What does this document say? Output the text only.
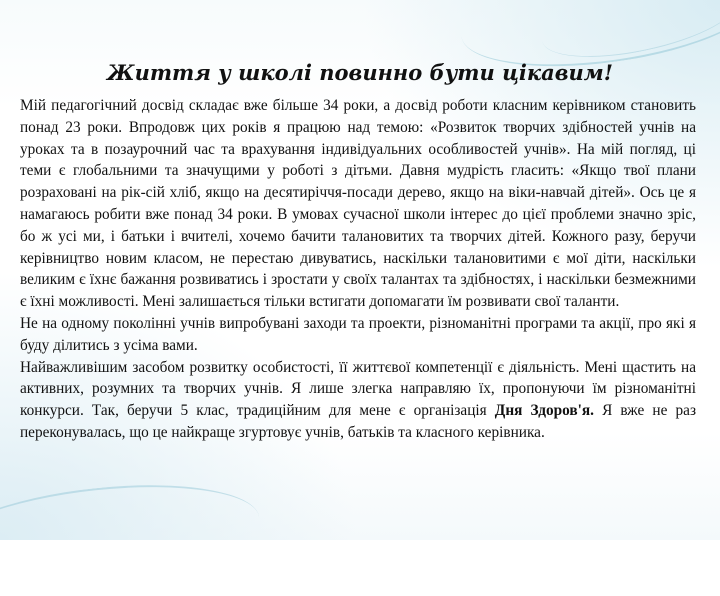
Життя у школі повинно бути цікавим!

Мій педагогічний досвід складає вже більше 34 роки, а досвід роботи класним керівником становить понад 23 роки. Впродовж цих років я працюю над темою: «Розвиток творчих здібностей учнів на уроках та в позаурочний час та врахування індивідуальних особливостей учнів». На мій погляд, ці теми є глобальними та значущими у роботі з дітьми. Давня мудрість гласить: «Якщо твої плани розраховані на рік-сій хліб, якщо на десятиріччя-посади дерево, якщо на віки-навчай дітей». Ось це я намагаюсь робити вже понад 34 роки. В умовах сучасної школи інтерес до цієї проблеми значно зріс, бо ж усі ми, і батьки і вчителі, хочемо бачити талановитих та творчих дітей. Кожного разу, беручи керівництво новим класом, не перестаю дивуватись, наскільки талановитими є мої діти, наскільки великим є їхнє бажання розвиватись і зростати у своїх талантах та здібностях, і наскільки безмежними є їхні можливості. Мені залишається тільки встигати допомагати їм розвивати свої таланти.

Не на одному поколінні учнів випробувані заходи та проекти, різноманітні програми та акції, про які я буду ділитись з усіма вами.

Найважливішим засобом розвитку особистості, її життєвої компетенції є діяльність. Мені щастить на активних, розумних та творчих учнів. Я лише злегка направляю їх, пропонуючи їм різноманітні конкурси. Так, беручи 5 клас, традиційним для мене є організація Дня Здоров'я. Я вже не раз переконувалась, що це найкраще згуртовує учнів, батьків та класного керівника.
